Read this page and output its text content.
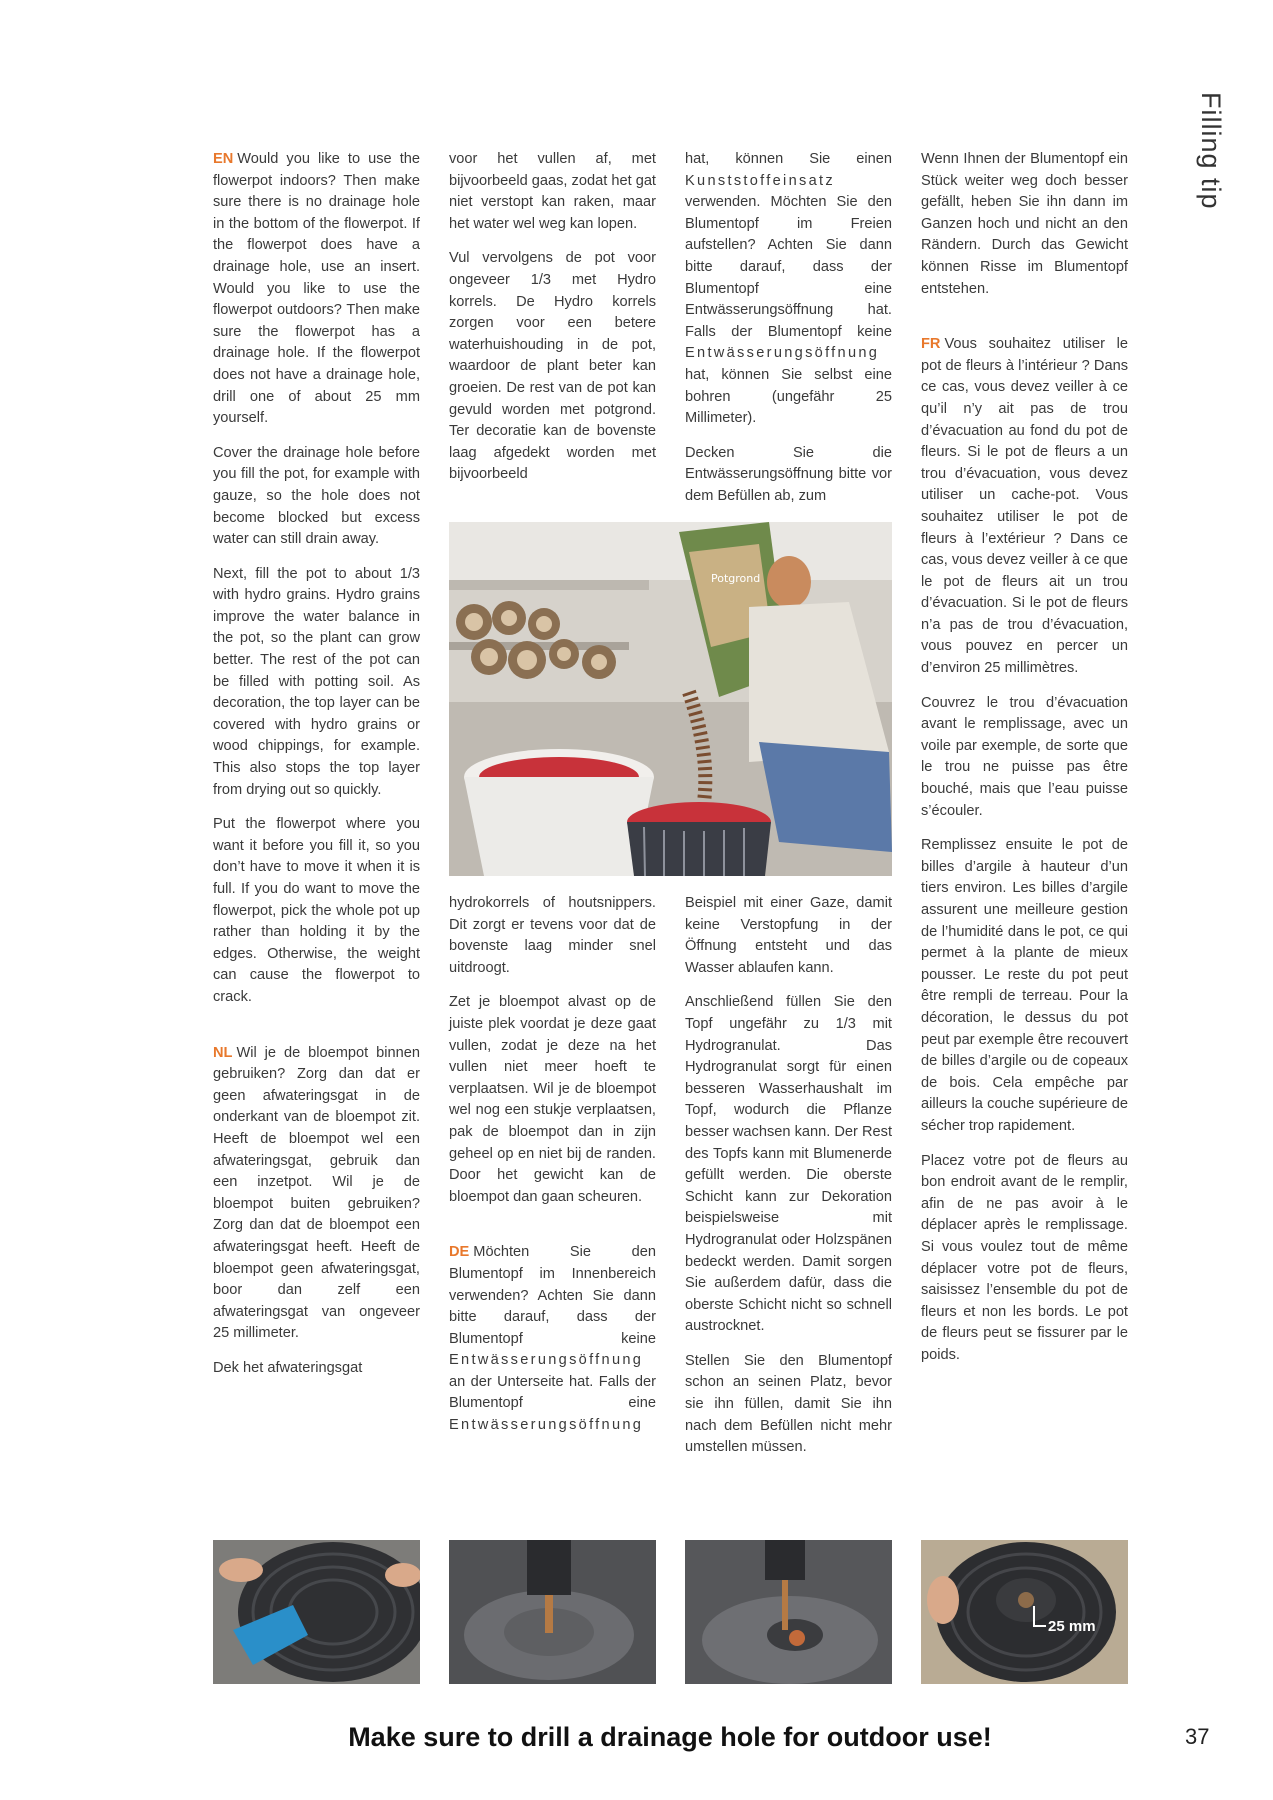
Filling tip

EN Would you like to use the flowerpot indoors? Then make sure there is no drainage hole in the bottom of the flowerpot. If the flowerpot does have a drainage hole, use an insert. Would you like to use the flowerpot outdoors? Then make sure the flowerpot has a drainage hole. If the flowerpot does not have a drainage hole, drill one of about 25 mm yourself.

Cover the drainage hole before you fill the pot, for example with gauze, so the hole does not become blocked but excess water can still drain away.

Next, fill the pot to about 1/3 with hydro grains. Hydro grains improve the water balance in the pot, so the plant can grow better. The rest of the pot can be filled with potting soil. As decoration, the top layer can be covered with hydro grains or wood chippings, for example. This also stops the top layer from drying out so quickly.

Put the flowerpot where you want it before you fill it, so you don’t have to move it when it is full. If you do want to move the flowerpot, pick the whole pot up rather than holding it by the edges. Otherwise, the weight can cause the flowerpot to crack.

NL Wil je de bloempot binnen gebruiken? Zorg dan dat er geen afwateringsgat in de onderkant van de bloempot zit. Heeft de bloempot wel een afwateringsgat, gebruik dan een inzetpot. Wil je de bloempot buiten gebruiken? Zorg dan dat de bloempot een afwateringsgat heeft. Heeft de bloempot geen afwateringsgat, boor dan zelf een afwateringsgat van ongeveer 25 millimeter.

Dek het afwateringsgat

voor het vullen af, met bijvoorbeeld gaas, zodat het gat niet verstopt kan raken, maar het water wel weg kan lopen.

Vul vervolgens de pot voor ongeveer 1/3 met Hydro korrels. De Hydro korrels zorgen voor een betere waterhuishouding in de pot, waardoor de plant beter kan groeien. De rest van de pot kan gevuld worden met potgrond. Ter decoratie kan de bovenste laag afgedekt worden met bijvoorbeeld

Potgrond

hydrokorrels of houtsnippers. Dit zorgt er tevens voor dat de bovenste laag minder snel uitdroogt.

Zet je bloempot alvast op de juiste plek voordat je deze gaat vullen, zodat je deze na het vullen niet meer hoeft te verplaatsen. Wil je de bloempot wel nog een stukje verplaatsen, pak de bloempot dan in zijn geheel op en niet bij de randen. Door het gewicht kan de bloempot dan gaan scheuren.

DE Möchten Sie den Blumentopf im Innenbereich verwenden? Achten Sie dann bitte darauf, dass der Blumentopf keine Entwässerungsöffnung an der Unterseite hat. Falls der Blumentopf eine Entwässerungsöffnung

hat, können Sie einen Kunststoffeinsatz verwenden. Möchten Sie den Blumentopf im Freien aufstellen? Achten Sie dann bitte darauf, dass der Blumentopf eine Entwässerungsöffnung hat. Falls der Blumentopf keine Entwässerungsöffnung hat, können Sie selbst eine bohren (ungefähr 25 Millimeter).

Decken Sie die Entwässerungsöffnung bitte vor dem Befüllen ab, zum

Beispiel mit einer Gaze, damit keine Verstopfung in der Öffnung entsteht und das Wasser ablaufen kann.

Anschließend füllen Sie den Topf ungefähr zu 1/3 mit Hydrogranulat. Das Hydrogranulat sorgt für einen besseren Wasserhaushalt im Topf, wodurch die Pflanze besser wachsen kann. Der Rest des Topfs kann mit Blumenerde gefüllt werden. Die oberste Schicht kann zur Dekoration beispielsweise mit Hydrogranulat oder Holzspänen bedeckt werden. Damit sorgen Sie außerdem dafür, dass die oberste Schicht nicht so schnell austrocknet.

Stellen Sie den Blumentopf schon an seinen Platz, bevor sie ihn füllen, damit Sie ihn nach dem Befüllen nicht mehr umstellen müssen.

Wenn Ihnen der Blumentopf ein Stück weiter weg doch besser gefällt, heben Sie ihn dann im Ganzen hoch und nicht an den Rändern. Durch das Gewicht können Risse im Blumentopf entstehen.

FR Vous souhaitez utiliser le pot de fleurs à l’intérieur ? Dans ce cas, vous devez veiller à ce qu’il n’y ait pas de trou d’évacuation au fond du pot de fleurs. Si le pot de fleurs a un trou d’évacuation, vous devez utiliser un cache-pot. Vous souhaitez utiliser le pot de fleurs à l’extérieur ? Dans ce cas, vous devez veiller à ce que le pot de fleurs ait un trou d’évacuation. Si le pot de fleurs n’a pas de trou d’évacuation, vous pouvez en percer un d’environ 25 millimètres.

Couvrez le trou d’évacuation avant le remplissage, avec un voile par exemple, de sorte que le trou ne puisse pas être bouché, mais que l’eau puisse s’écouler.

Remplissez ensuite le pot de billes d’argile à hauteur d’un tiers environ. Les billes d’argile assurent une meilleure gestion de l’humidité dans le pot, ce qui permet à la plante de mieux pousser. Le reste du pot peut être rempli de terreau. Pour la décoration, le dessus du pot peut par exemple être recouvert de billes d’argile ou de copeaux de bois. Cela empêche par ailleurs la couche supérieure de sécher trop rapidement.

Placez votre pot de fleurs au bon endroit avant de le remplir, afin de ne pas avoir à le déplacer après le remplissage. Si vous voulez tout de même déplacer votre pot de fleurs, saisissez l’ensemble du pot de fleurs et non les bords. Le pot de fleurs peut se fissurer par le poids.

25 mm
Make sure to drill a drainage hole for outdoor use!	37
